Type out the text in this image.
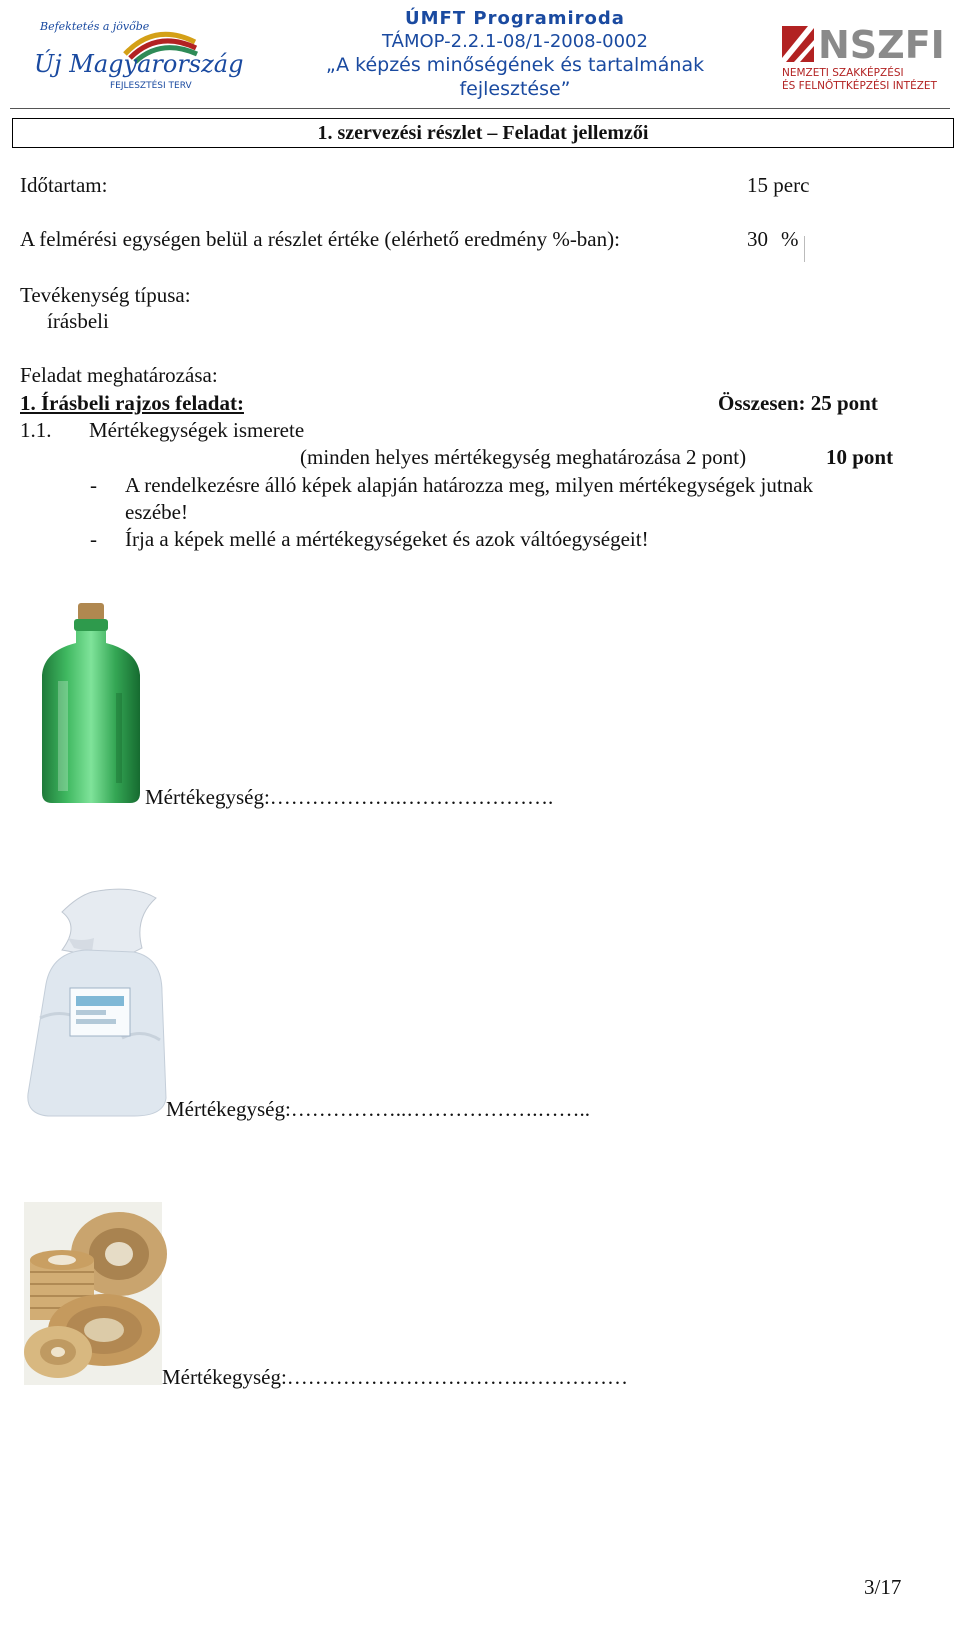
Befektetés a jövőbe
Új Magyarország
FEJLESZTÉSI TERV
ÚMFT Programiroda
TÁMOP-2.2.1-08/1-2008-0002
„A képzés minőségének és tartalmának
fejlesztése”
NSZFI
NEMZETI SZAKKÉPZÉSI
ÉS FELNŐTTKÉPZÉSI INTÉZET
1. szervezési részlet – Feladat jellemzői
Időtartam:	15 perc
A felmérési egységen belül a részlet értéke (elérhető eredmény %-ban):	30 %
Tevékenység típusa:
írásbeli
Feladat meghatározása:
1. Írásbeli rajzos feladat:	Összesen: 25 pont
1.1. Mértékegységek ismerete
(minden helyes mértékegység meghatározása 2 pont)	10 pont
- A rendelkezésre álló képek alapján határozza meg, milyen mértékegységek jutnak
eszébe!
- Írja a képek mellé a mértékegységeket és azok váltóegységeit!
Mértékegység:……………….………………….
Mértékegység:……………..……………….……..
Mértékegység:…………………………….……………
3/17
